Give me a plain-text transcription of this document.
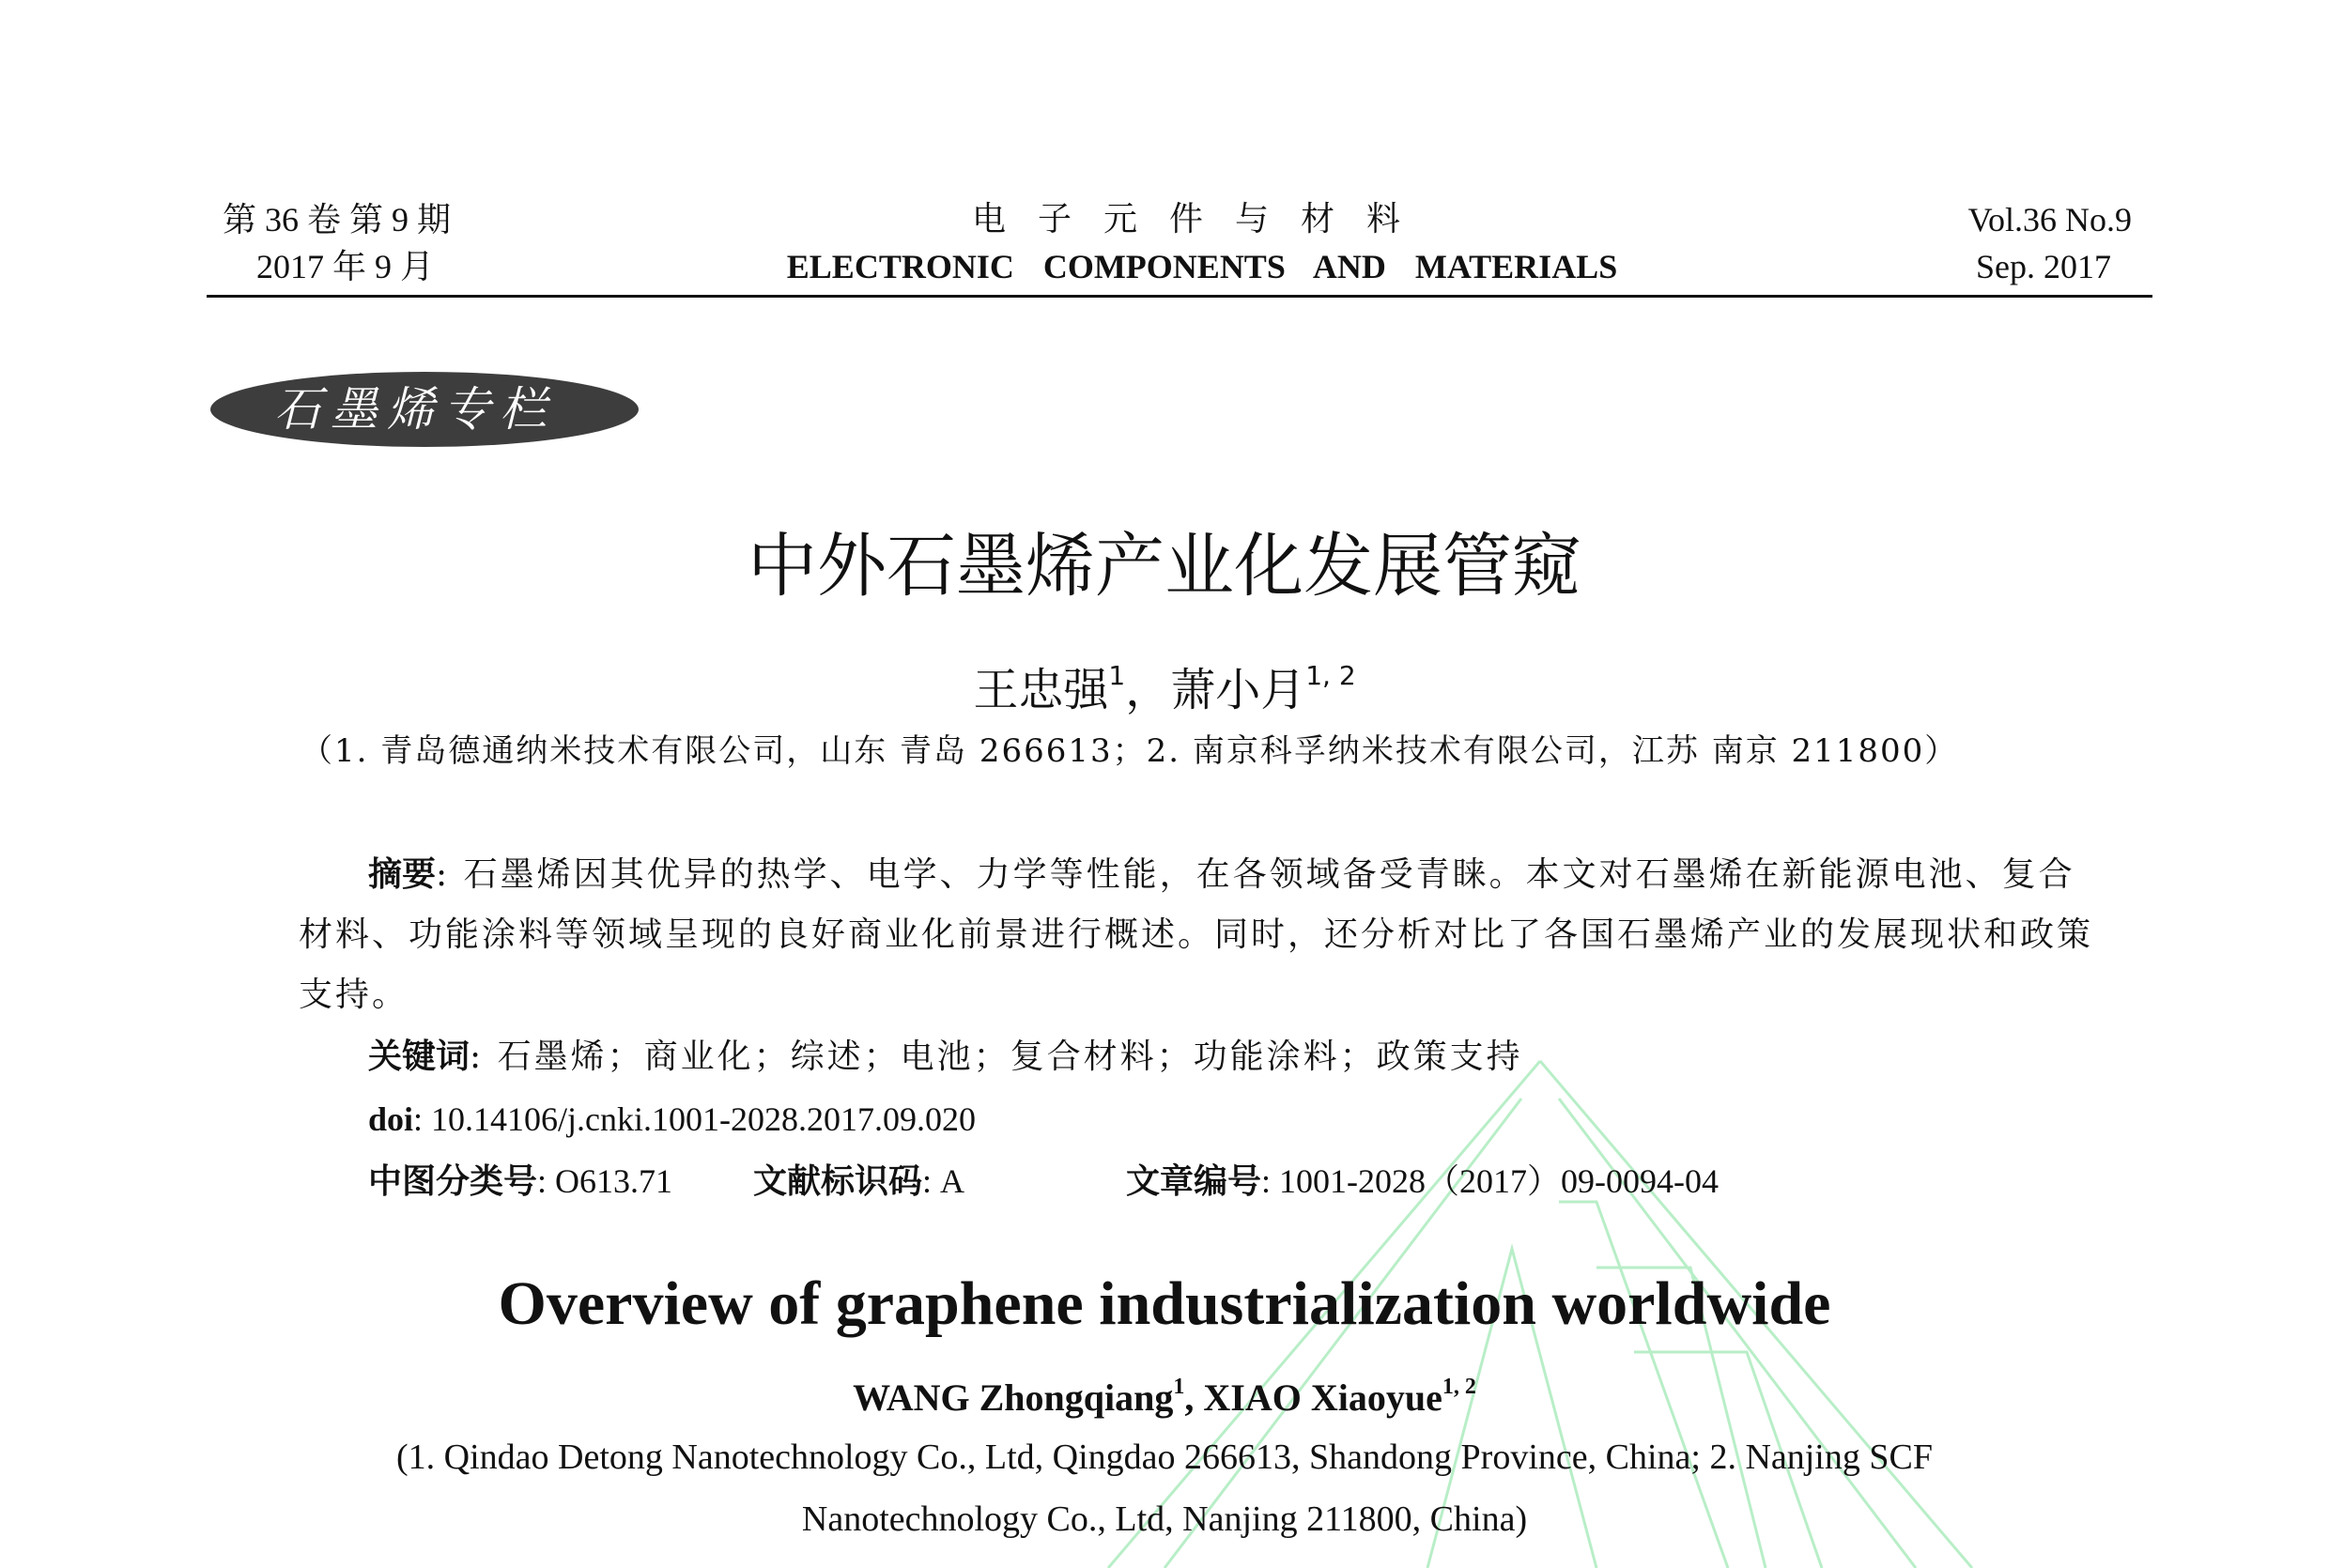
第 36 卷 第 9 期
2017 年 9 月
电子元件与材料
ELECTRONIC COMPONENTS AND MATERIALS
Vol.36 No.9
Sep. 2017
石墨烯专栏
中外石墨烯产业化发展管窥
王忠强$^1$，萧小月$^{1, 2}$
（1. 青岛德通纳米技术有限公司，山东 青岛 266613；2. 南京科孚纳米技术有限公司，江苏 南京 211800）
摘要: 石墨烯因其优异的热学、电学、力学等性能，在各领域备受青睐。本文对石墨烯在新能源电池、复合
材料、功能涂料等领域呈现的良好商业化前景进行概述。同时，还分析对比了各国石墨烯产业的发展现状和政策
支持。
关键词: 石墨烯；商业化；综述；电池；复合材料；功能涂料；政策支持
doi: 10.14106/j.cnki.1001-2028.2017.09.020
中图分类号: O613.71 文献标识码: A	文章编号: 1001-2028（2017）09-0094-04
Overview of graphene industrialization worldwide
WANG Zhongqiang$^1$, XIAO Xiaoyue$^{1, 2}$
(1. Qindao Detong Nanotechnology Co., Ltd, Qingdao 266613, Shandong Province, China; 2. Nanjing SCF
Nanotechnology Co., Ltd, Nanjing 211800, China)
